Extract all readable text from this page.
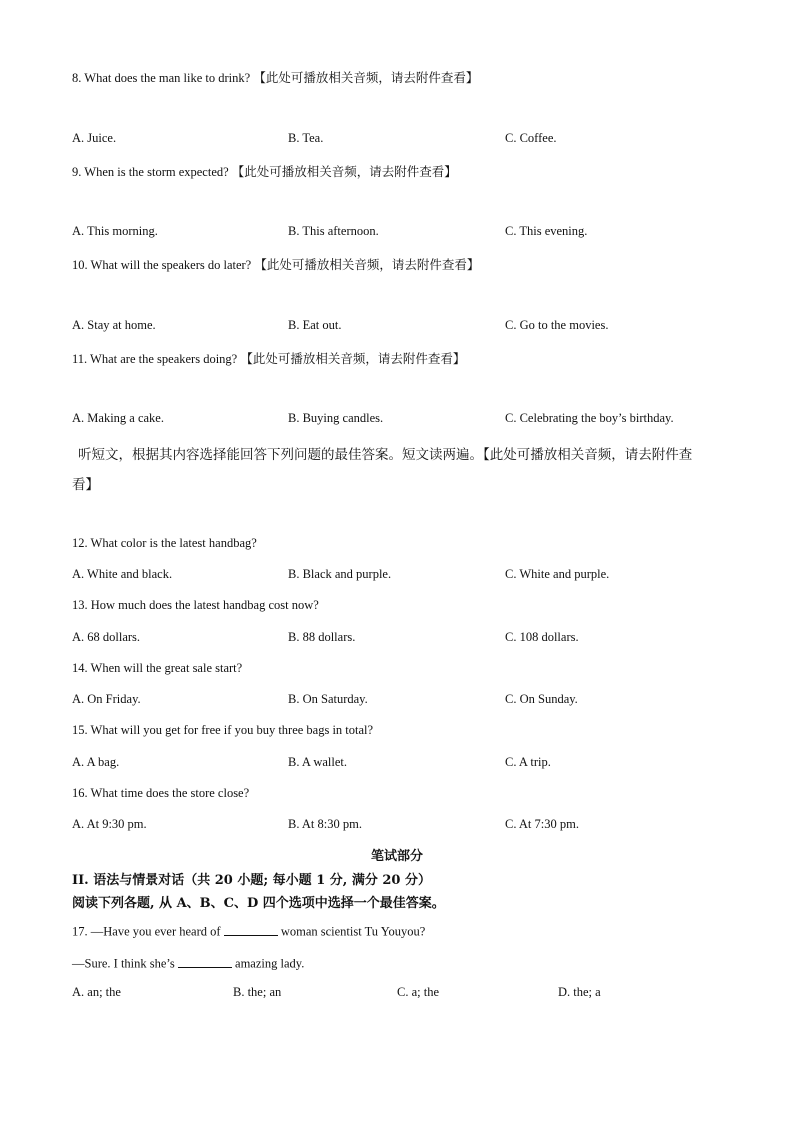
8. What does the man like to drink? 【此处可播放相关音频，请去附件查看】
A. Juice.	B. Tea.	C. Coffee.
9. When is the storm expected? 【此处可播放相关音频，请去附件查看】
A. This morning.	B. This afternoon.	C. This evening.
10. What will the speakers do later? 【此处可播放相关音频，请去附件查看】
A. Stay at home.	B. Eat out.	C. Go to the movies.
11. What are the speakers doing? 【此处可播放相关音频，请去附件查看】
A. Making a cake.	B. Buying candles.	C. Celebrating the boy’s birthday.
听短文，根据其内容选择能回答下列问题的最佳答案。短文读两遍。【此处可播放相关音频，请去附件查
看】
12. What color is the latest handbag?
A. White and black.	B. Black and purple.	C. White and purple.
13. How much does the latest handbag cost now?
A. 68 dollars.	B. 88 dollars.	C. 108 dollars.
14. When will the great sale start?
A. On Friday.	B. On Saturday.	C. On Sunday.
15. What will you get for free if you buy three bags in total?
A. A bag.	B. A wallet.	C. A trip.
16. What time does the store close?
A. At 9:30 pm.	B. At 8:30 pm.	C. At 7:30 pm.
笔试部分
II. 语法与情景对话（共 20 小题; 每小题 1 分, 满分 20 分）
阅读下列各题, 从 A、B、C、D 四个选项中选择一个最佳答案。
17. —Have you ever heard of	woman scientist Tu Youyou?
—Sure. I think she’s	amazing lady.
A. an; the	B. the; an	C. a; the	D. the; a
